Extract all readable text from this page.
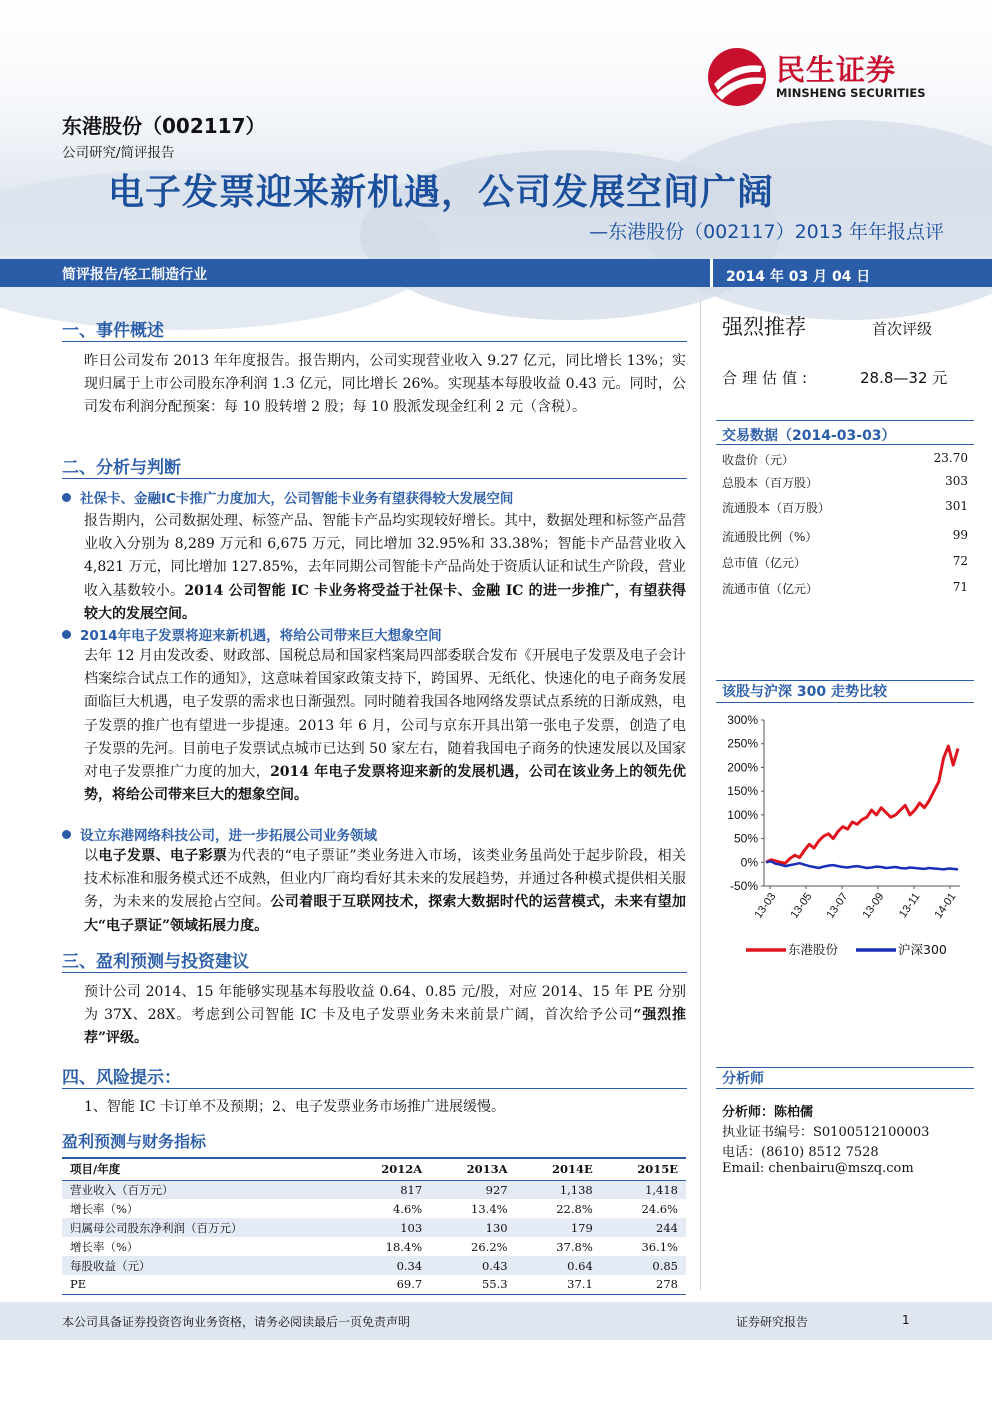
民生证券
MINSHENG SECURITIES
东港股份（002117）
公司研究/简评报告
电子发票迎来新机遇，公司发展空间广阔
—东港股份（002117）2013 年年报点评
简评报告/轻工制造行业	2014 年 03 月 04 日
一、事件概述
昨日公司发布 2013 年年度报告。报告期内，公司实现营业收入 9.27 亿元，同比增长 13%；实现归属于上市公司股东净利润 1.3 亿元，同比增长 26%。实现基本每股收益 0.43 元。同时，公司发布利润分配预案：每 10 股转增 2 股；每 10 股派发现金红利 2 元（含税）。
二、分析与判断
社保卡、金融IC卡推广力度加大，公司智能卡业务有望获得较大发展空间
报告期内，公司数据处理、标签产品、智能卡产品均实现较好增长。其中，数据处理和标签产品营业收入分别为 8,289 万元和 6,675 万元，同比增加 32.95%和 33.38%；智能卡产品营业收入 4,821 万元，同比增加 127.85%，去年同期公司智能卡产品尚处于资质认证和试生产阶段，营业收入基数较小。2014 公司智能 IC 卡业务将受益于社保卡、金融 IC 的进一步推广，有望获得较大的发展空间。
2014年电子发票将迎来新机遇，将给公司带来巨大想象空间
去年 12 月由发改委、财政部、国税总局和国家档案局四部委联合发布《开展电子发票及电子会计档案综合试点工作的通知》，这意味着国家政策支持下，跨国界、无纸化、快速化的电子商务发展面临巨大机遇，电子发票的需求也日渐强烈。同时随着我国各地网络发票试点系统的日渐成熟，电子发票的推广也有望进一步提速。2013 年 6 月，公司与京东开具出第一张电子发票，创造了电子发票的先河。目前电子发票试点城市已达到 50 家左右，随着我国电子商务的快速发展以及国家对电子发票推广力度的加大，2014 年电子发票将迎来新的发展机遇，公司在该业务上的领先优势，将给公司带来巨大的想象空间。
设立东港网络科技公司，进一步拓展公司业务领域
以电子发票、电子彩票为代表的“电子票证”类业务进入市场，该类业务虽尚处于起步阶段，相关技术标准和服务模式还不成熟，但业内厂商均看好其未来的发展趋势，并通过各种模式提供相关服务，为未来的发展抢占空间。公司着眼于互联网技术，探索大数据时代的运营模式，未来有望加大“电子票证”领域拓展力度。
三、盈利预测与投资建议
预计公司 2014、15 年能够实现基本每股收益 0.64、0.85 元/股，对应 2014、15 年 PE 分别为 37X、28X。考虑到公司智能 IC 卡及电子发票业务未来前景广阔，首次给予公司“强烈推荐”评级。
四、风险提示：
1、智能 IC 卡订单不及预期；2、电子发票业务市场推广进展缓慢。
盈利预测与财务指标
项目/年度	2012A	2013A	2014E	2015E
营业收入（百万元）	817	927	1,138	1,418
增长率（%）	4.6%	13.4%	22.8%	24.6%
归属母公司股东净利润（百万元）	103	130	179	244
增长率（%）	18.4%	26.2%	37.8%	36.1%
每股收益（元）	0.34	0.43	0.64	0.85
PE	69.7	55.3	37.1	278
强烈推荐	首次评级
合理估值:	28.8—32 元
交易数据（2014-03-03）
收盘价（元）	23.70
总股本（百万股）	303
流通股本（百万股）	301
流通股比例（%）	99
总市值（亿元）	72
流通市值（亿元）	71
该股与沪深 300 走势比较
300%
250%
200%
150%
100%
50%
0%
-50%
13-03 13-05 13-07 13-09 13-11 14-01
东港股份	沪深300
分析师
分析师：陈柏儒
执业证书编号：S0100512100003
电话：(8610) 8512 7528
Email: chenbairu@mszq.com
本公司具备证券投资咨询业务资格，请务必阅读最后一页免责声明	证券研究报告	1
